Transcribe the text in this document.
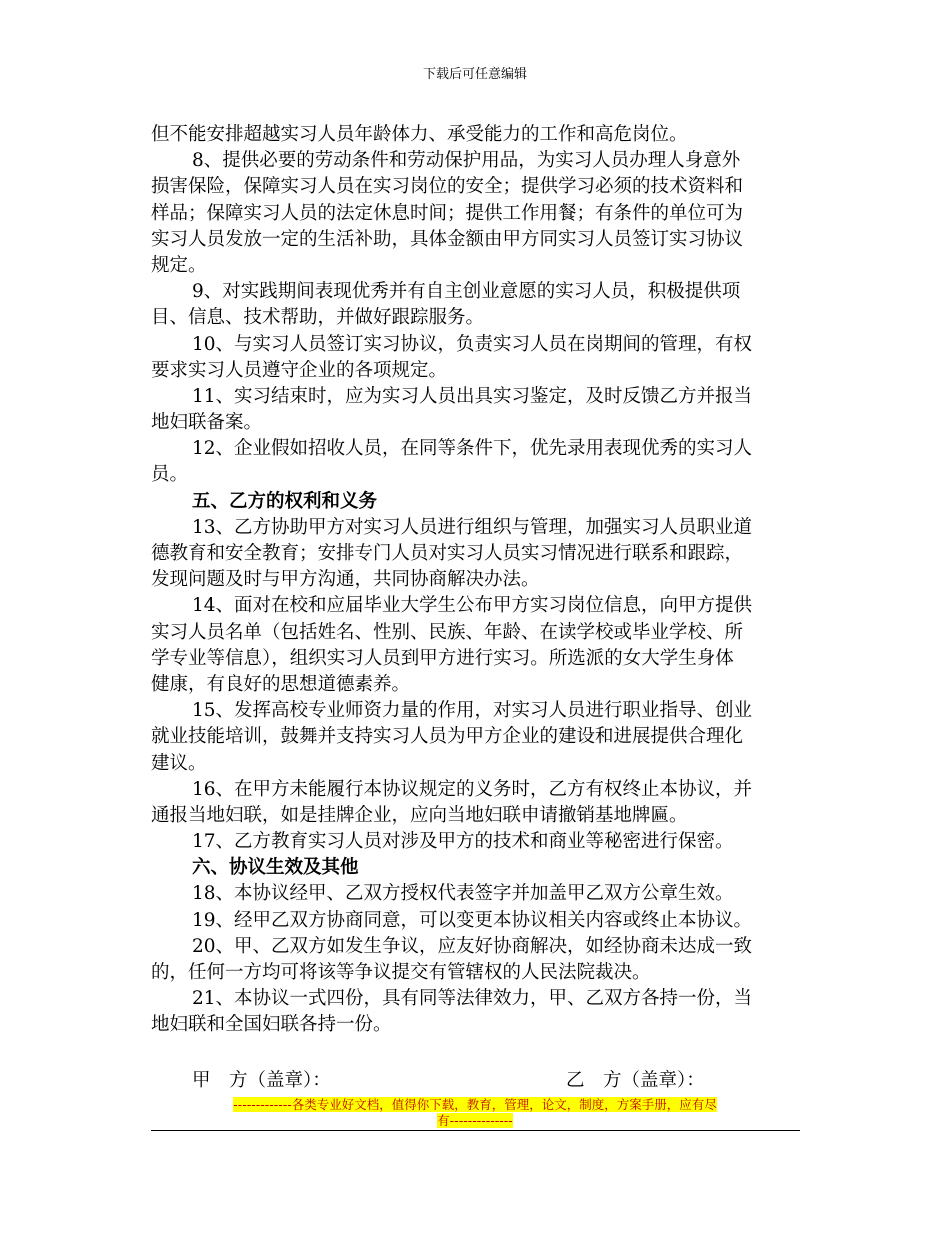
下载后可任意编辑
但不能安排超越实习人员年龄体力、承受能力的工作和高危岗位。
8、提供必要的劳动条件和劳动保护用品，为实习人员办理人身意外
损害保险，保障实习人员在实习岗位的安全；提供学习必须的技术资料和
样品；保障实习人员的法定休息时间；提供工作用餐；有条件的单位可为
实习人员发放一定的生活补助，具体金额由甲方同实习人员签订实习协议
规定。
9、对实践期间表现优秀并有自主创业意愿的实习人员，积极提供项
目、信息、技术帮助，并做好跟踪服务。
10、与实习人员签订实习协议，负责实习人员在岗期间的管理，有权
要求实习人员遵守企业的各项规定。
11、实习结束时，应为实习人员出具实习鉴定，及时反馈乙方并报当
地妇联备案。
12、企业假如招收人员，在同等条件下，优先录用表现优秀的实习人
员。
五、乙方的权利和义务
13、乙方协助甲方对实习人员进行组织与管理，加强实习人员职业道
德教育和安全教育；安排专门人员对实习人员实习情况进行联系和跟踪，
发现问题及时与甲方沟通，共同协商解决办法。
14、面对在校和应届毕业大学生公布甲方实习岗位信息，向甲方提供
实习人员名单（包括姓名、性别、民族、年龄、在读学校或毕业学校、所
学专业等信息），组织实习人员到甲方进行实习。所选派的女大学生身体
健康，有良好的思想道德素养。
15、发挥高校专业师资力量的作用，对实习人员进行职业指导、创业
就业技能培训，鼓舞并支持实习人员为甲方企业的建设和进展提供合理化
建议。
16、在甲方未能履行本协议规定的义务时，乙方有权终止本协议，并
通报当地妇联，如是挂牌企业，应向当地妇联申请撤销基地牌匾。
17、乙方教育实习人员对涉及甲方的技术和商业等秘密进行保密。
六、协议生效及其他
18、本协议经甲、乙双方授权代表签字并加盖甲乙双方公章生效。
19、经甲乙双方协商同意，可以变更本协议相关内容或终止本协议。
20、甲、乙双方如发生争议，应友好协商解决，如经协商未达成一致
的，任何一方均可将该等争议提交有管辖权的人民法院裁决。
21、本协议一式四份，具有同等法律效力，甲、乙双方各持一份，当
地妇联和全国妇联各持一份。
甲　方（盖章）：	乙　方（盖章）：
-------------各类专业好文档，值得你下载，教育，管理，论文，制度，方案手册，应有尽
有--------------
